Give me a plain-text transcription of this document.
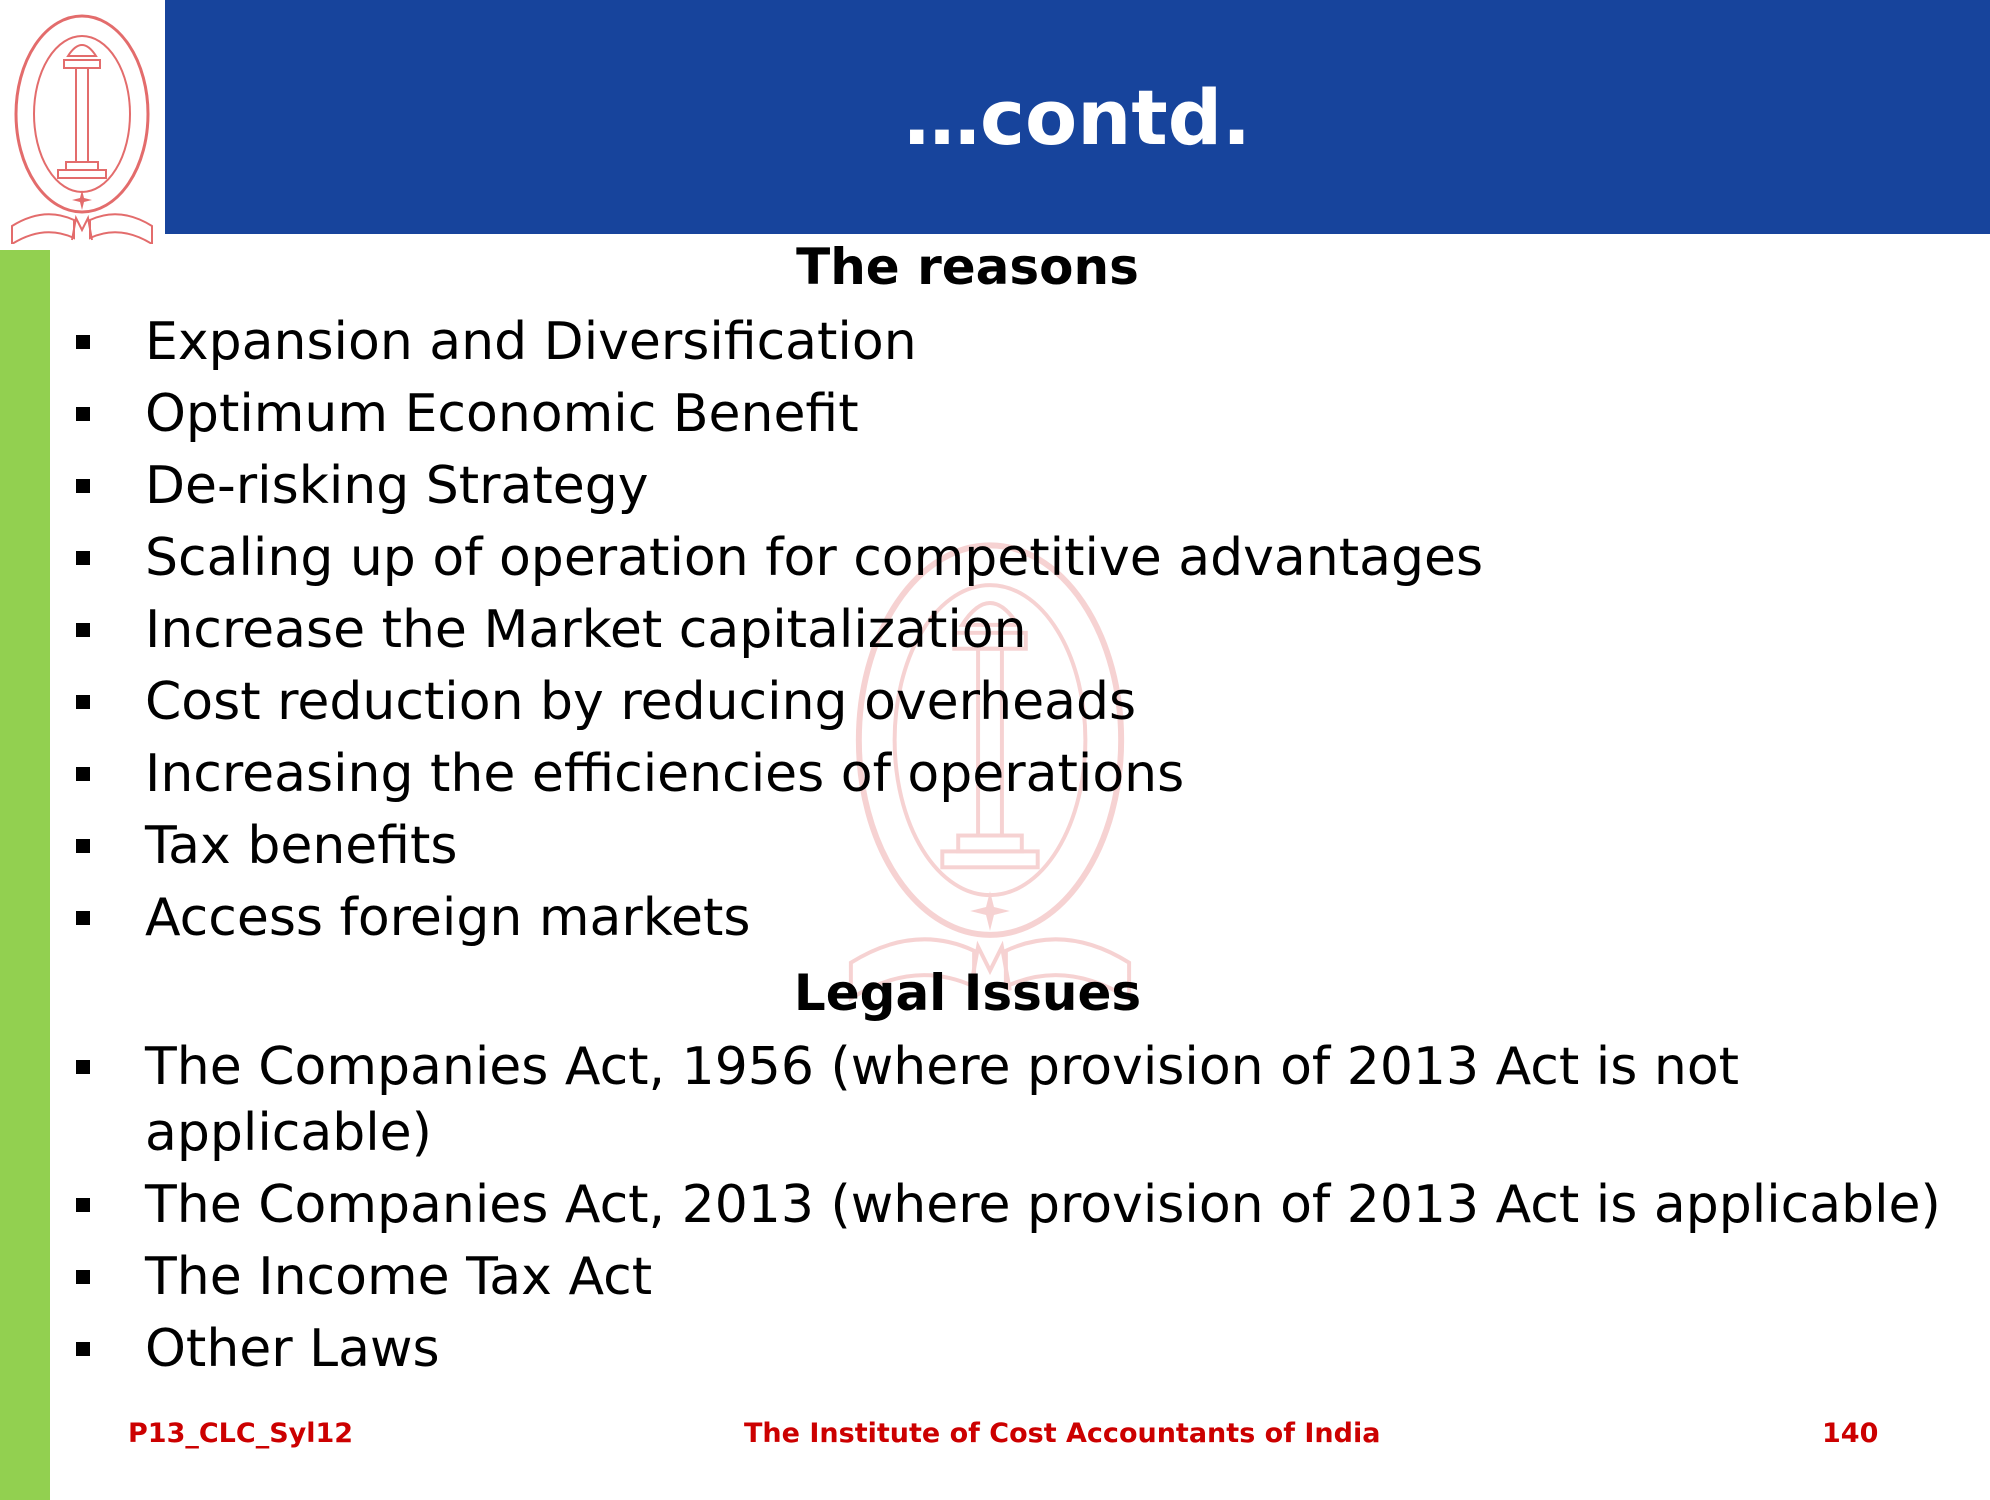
…contd.
The reasons
Expansion and Diversification
Optimum Economic Benefit
De-risking Strategy
Scaling up of operation for competitive advantages
Increase the Market capitalization
Cost reduction by reducing overheads
Increasing the efficiencies of operations
Tax benefits
Access foreign markets
Legal Issues
The Companies Act, 1956 (where provision of 2013 Act is not applicable)
The Companies Act, 2013 (where provision of 2013 Act is applicable)
The Income Tax Act
Other Laws
P13_CLC_Syl12	The Institute of Cost Accountants of India	140
